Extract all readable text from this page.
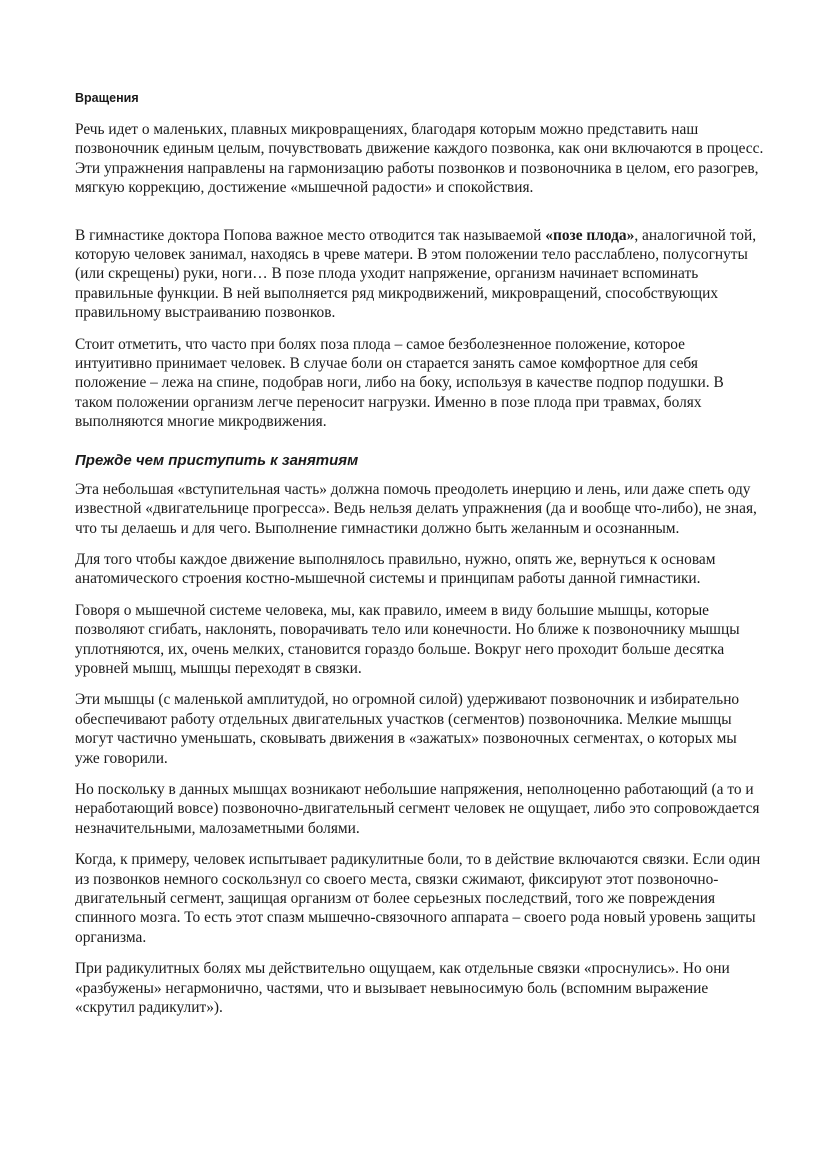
Вращения

Речь идет о маленьких, плавных микровращениях, благодаря которым можно представить наш позвоночник единым целым, почувствовать движение каждого позвонка, как они включаются в процесс. Эти упражнения направлены на гармонизацию работы позвонков и позвоночника в целом, его разогрев, мягкую коррекцию, достижение «мышечной радости» и спокойствия.

В гимнастике доктора Попова важное место отводится так называемой «позе плода», аналогичной той, которую человек занимал, находясь в чреве матери. В этом положении тело расслаблено, полусогнуты (или скрещены) руки, ноги… В позе плода уходит напряжение, организм начинает вспоминать правильные функции. В ней выполняется ряд микродвижений, микровращений, способствующих правильному выстраиванию позвонков.

Стоит отметить, что часто при болях поза плода – самое безболезненное положение, которое интуитивно принимает человек. В случае боли он старается занять самое комфортное для себя положение – лежа на спине, подобрав ноги, либо на боку, используя в качестве подпор подушки. В таком положении организм легче переносит нагрузки. Именно в позе плода при травмах, болях выполняются многие микродвижения.

Прежде чем приступить к занятиям

Эта небольшая «вступительная часть» должна помочь преодолеть инерцию и лень, или даже спеть оду известной «двигательнице прогресса». Ведь нельзя делать упражнения (да и вообще что-либо), не зная, что ты делаешь и для чего. Выполнение гимнастики должно быть желанным и осознанным.

Для того чтобы каждое движение выполнялось правильно, нужно, опять же, вернуться к основам анатомического строения костно-мышечной системы и принципам работы данной гимнастики.

Говоря о мышечной системе человека, мы, как правило, имеем в виду большие мышцы, которые позволяют сгибать, наклонять, поворачивать тело или конечности. Но ближе к позвоночнику мышцы уплотняются, их, очень мелких, становится гораздо больше. Вокруг него проходит больше десятка уровней мышц, мышцы переходят в связки.

Эти мышцы (с маленькой амплитудой, но огромной силой) удерживают позвоночник и избирательно обеспечивают работу отдельных двигательных участков (сегментов) позвоночника. Мелкие мышцы могут частично уменьшать, сковывать движения в «зажатых» позвоночных сегментах, о которых мы уже говорили.

Но поскольку в данных мышцах возникают небольшие напряжения, неполноценно работающий (а то и неработающий вовсе) позвоночно-двигательный сегмент человек не ощущает, либо это сопровождается незначительными, малозаметными болями.

Когда, к примеру, человек испытывает радикулитные боли, то в действие включаются связки. Если один из позвонков немного соскользнул со своего места, связки сжимают, фиксируют этот позвоночно-двигательный сегмент, защищая организм от более серьезных последствий, того же повреждения спинного мозга. То есть этот спазм мышечно-связочного аппарата – своего рода новый уровень защиты организма.

При радикулитных болях мы действительно ощущаем, как отдельные связки «проснулись». Но они «разбужены» негармонично, частями, что и вызывает невыносимую боль (вспомним выражение «скрутил радикулит»).
